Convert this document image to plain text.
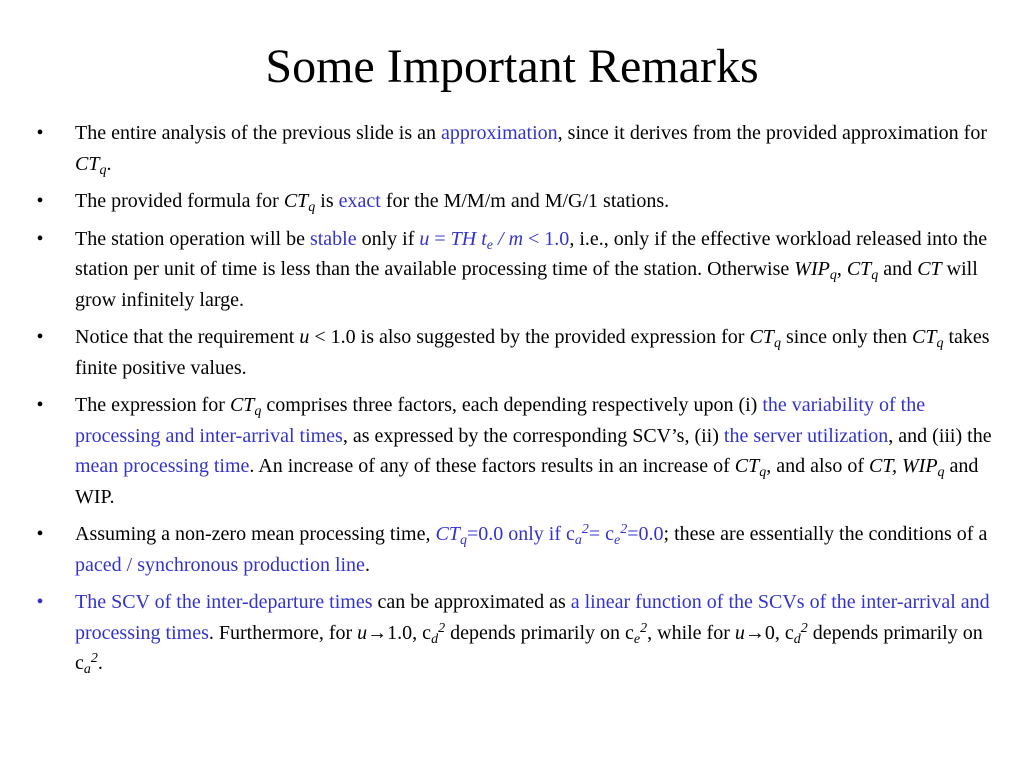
Some Important Remarks
•	The entire analysis of the previous slide is an approximation, since it derives from the provided approximation for $CT_q$.
•	The provided formula for $CT_q$ is exact for the M/M/m and M/G/1 stations.
•	The station operation will be stable only if u = TH $t_e / m < 1.0$, i.e., only if the effective workload released into the station per unit of time is less than the available processing time of the station. Otherwise $WIP_q$, $CT_q$ and CT will grow infinitely large.
•	Notice that the requirement u < 1.0 is also suggested by the provided expression for $CT_q$ since only then $CT_q$ takes finite positive values.
•	The expression for $CT_q$ comprises three factors, each depending respectively upon (i) the variability of the processing and inter-arrival times, as expressed by the corresponding SCV’s, (ii) the server utilization, and (iii) the mean processing time. An increase of any of these factors results in an increase of $CT_q$, and also of CT, $WIP_q$ and WIP.
•	Assuming a non-zero mean processing time, $CT_q=0.0$ only if $c_a^2= c_e^2=0.0$; these are essentially the conditions of a paced / synchronous production line.
•	The SCV of the inter-departure times can be approximated as a linear function of the SCVs of the inter-arrival and processing times. Furthermore, for u→1.0, $c_d^2$ depends primarily on $c_e^2$, while for u→0, $c_d^2$ depends primarily on $c_a^2$.
